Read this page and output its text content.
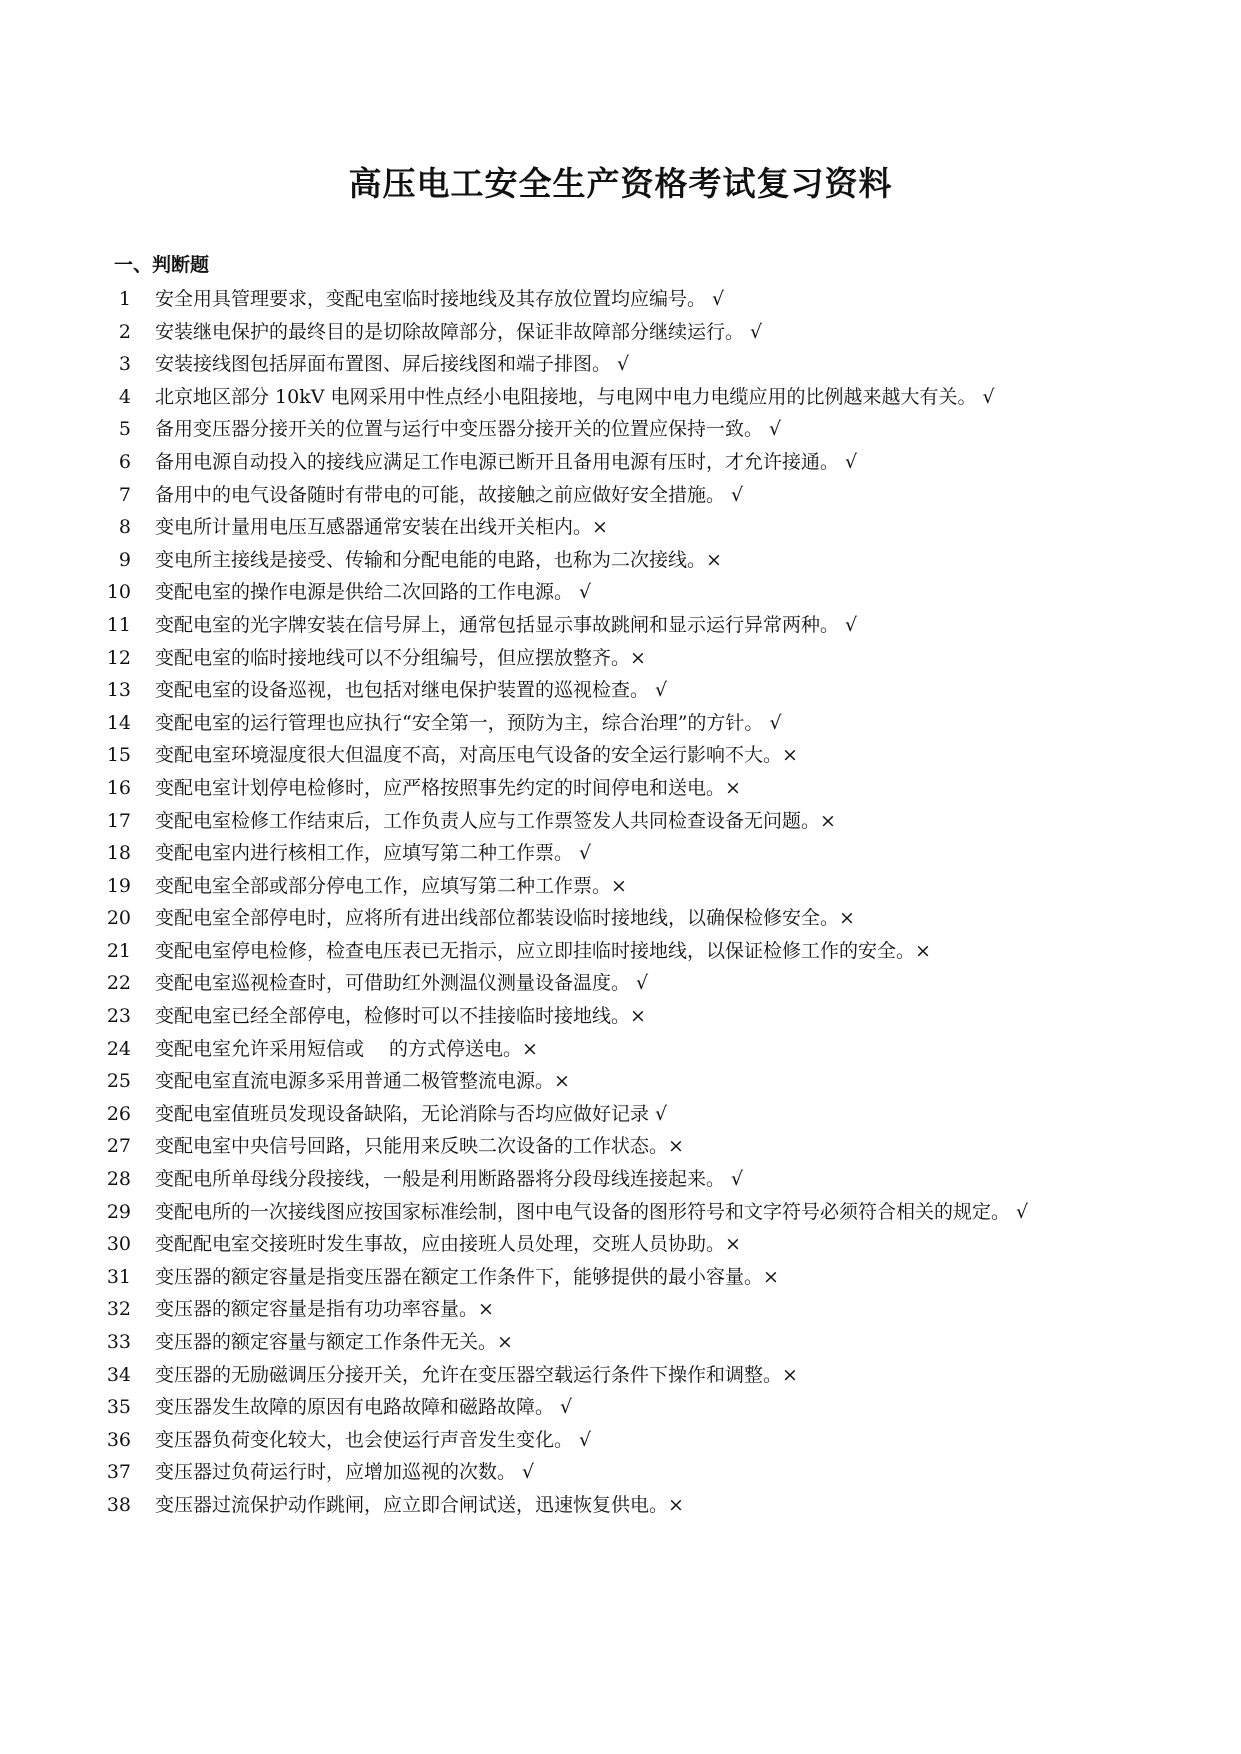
高压电工安全生产资格考试复习资料
一、判断题
1	安全用具管理要求，变配电室临时接地线及其存放位置均应编号。 √
2	安装继电保护的最终目的是切除故障部分，保证非故障部分继续运行。 √
3	安装接线图包括屏面布置图、屏后接线图和端子排图。 √
4	北京地区部分 10kV 电网采用中性点经小电阻接地，与电网中电力电缆应用的比例越来越大有关。 √
5	备用变压器分接开关的位置与运行中变压器分接开关的位置应保持一致。 √
6	备用电源自动投入的接线应满足工作电源已断开且备用电源有压时，才允许接通。 √
7	备用中的电气设备随时有带电的可能，故接触之前应做好安全措施。 √
8	变电所计量用电压互感器通常安装在出线开关柜内。×
9	变电所主接线是接受、传输和分配电能的电路，也称为二次接线。×
10	变配电室的操作电源是供给二次回路的工作电源。 √
11	变配电室的光字牌安装在信号屏上，通常包括显示事故跳闸和显示运行异常两种。 √
12	变配电室的临时接地线可以不分组编号，但应摆放整齐。×
13	变配电室的设备巡视，也包括对继电保护装置的巡视检查。 √
14	变配电室的运行管理也应执行“安全第一，预防为主，综合治理”的方针。 √
15	变配电室环境湿度很大但温度不高，对高压电气设备的安全运行影响不大。×
16	变配电室计划停电检修时，应严格按照事先约定的时间停电和送电。×
17	变配电室检修工作结束后，工作负责人应与工作票签发人共同检查设备无问题。×
18	变配电室内进行核相工作，应填写第二种工作票。 √
19	变配电室全部或部分停电工作，应填写第二种工作票。×
20	变配电室全部停电时，应将所有进出线部位都装设临时接地线，以确保检修安全。×
21	变配电室停电检修，检查电压表已无指示，应立即挂临时接地线，以保证检修工作的安全。×
22	变配电室巡视检查时，可借助红外测温仪测量设备温度。 √
23	变配电室已经全部停电，检修时可以不挂接临时接地线。×
24	变配电室允许采用短信或　 的方式停送电。×
25	变配电室直流电源多采用普通二极管整流电源。×
26	变配电室值班员发现设备缺陷，无论消除与否均应做好记录 √
27	变配电室中央信号回路，只能用来反映二次设备的工作状态。×
28	变配电所单母线分段接线，一般是利用断路器将分段母线连接起来。 √
29	变配电所的一次接线图应按国家标准绘制，图中电气设备的图形符号和文字符号必须符合相关的规定。 √
30	变配配电室交接班时发生事故，应由接班人员处理，交班人员协助。×
31	变压器的额定容量是指变压器在额定工作条件下，能够提供的最小容量。×
32	变压器的额定容量是指有功功率容量。×
33	变压器的额定容量与额定工作条件无关。×
34	变压器的无励磁调压分接开关，允许在变压器空载运行条件下操作和调整。×
35	变压器发生故障的原因有电路故障和磁路故障。 √
36	变压器负荷变化较大，也会使运行声音发生变化。 √
37	变压器过负荷运行时，应增加巡视的次数。 √
38	变压器过流保护动作跳闸，应立即合闸试送，迅速恢复供电。×
